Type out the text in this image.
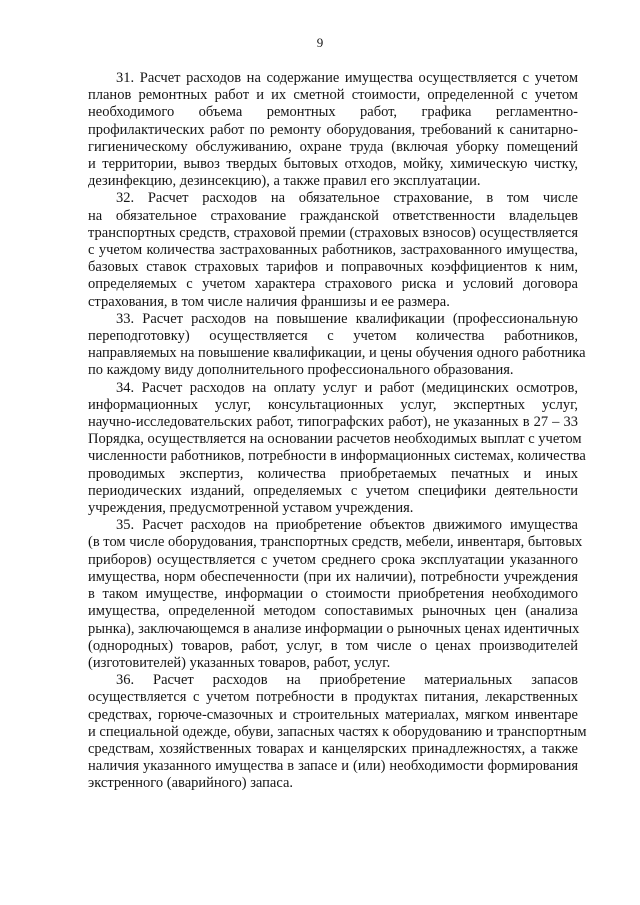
9
31. Расчет расходов на содержание имущества осуществляется с учетом
планов ремонтных работ и их сметной стоимости, определенной с учетом
необходимого объема ремонтных работ, графика регламентно-
профилактических работ по ремонту оборудования, требований к санитарно-
гигиеническому обслуживанию, охране труда (включая уборку помещений
и территории, вывоз твердых бытовых отходов, мойку, химическую чистку,
дезинфекцию, дезинсекцию), а также правил его эксплуатации.
32. Расчет расходов на обязательное страхование, в том числе
на обязательное страхование гражданской ответственности владельцев
транспортных средств, страховой премии (страховых взносов) осуществляется
с учетом количества застрахованных работников, застрахованного имущества,
базовых ставок страховых тарифов и поправочных коэффициентов к ним,
определяемых с учетом характера страхового риска и условий договора
страхования, в том числе наличия франшизы и ее размера.
33. Расчет расходов на повышение квалификации (профессиональную
переподготовку) осуществляется с учетом количества работников,
направляемых на повышение квалификации, и цены обучения одного работника
по каждому виду дополнительного профессионального образования.
34. Расчет расходов на оплату услуг и работ (медицинских осмотров,
информационных услуг, консультационных услуг, экспертных услуг,
научно-исследовательских работ, типографских работ), не указанных в 27 – 33
Порядка, осуществляется на основании расчетов необходимых выплат с учетом
численности работников, потребности в информационных системах, количества
проводимых экспертиз, количества приобретаемых печатных и иных
периодических изданий, определяемых с учетом специфики деятельности
учреждения, предусмотренной уставом учреждения.
35. Расчет расходов на приобретение объектов движимого имущества
(в том числе оборудования, транспортных средств, мебели, инвентаря, бытовых
приборов) осуществляется с учетом среднего срока эксплуатации указанного
имущества, норм обеспеченности (при их наличии), потребности учреждения
в таком имуществе, информации о стоимости приобретения необходимого
имущества, определенной методом сопоставимых рыночных цен (анализа
рынка), заключающемся в анализе информации о рыночных ценах идентичных
(однородных) товаров, работ, услуг, в том числе о ценах производителей
(изготовителей) указанных товаров, работ, услуг.
36. Расчет расходов на приобретение материальных запасов
осуществляется с учетом потребности в продуктах питания, лекарственных
средствах, горюче-смазочных и строительных материалах, мягком инвентаре
и специальной одежде, обуви, запасных частях к оборудованию и транспортным
средствам, хозяйственных товарах и канцелярских принадлежностях, а также
наличия указанного имущества в запасе и (или) необходимости формирования
экстренного (аварийного) запаса.
